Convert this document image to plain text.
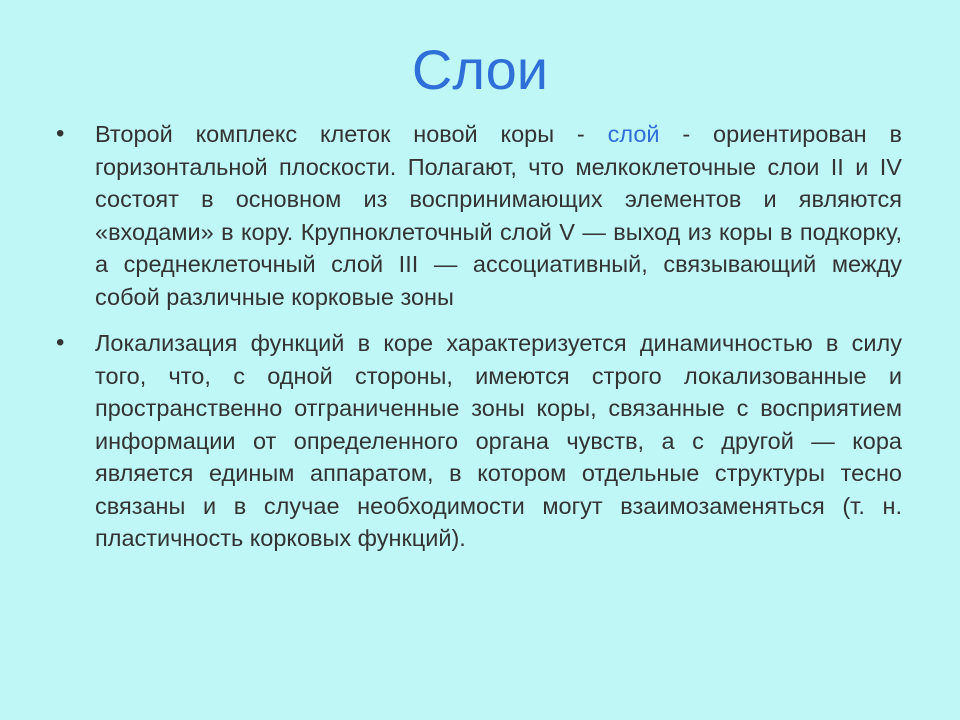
Слои
• Второй комплекс клеток новой коры - слой - ориентирован в горизонтальной плоскости. Полагают, что мелкоклеточные слои II и IV состоят в основном из воспринимающих элементов и являются «входами» в кору. Крупноклеточный слой V — выход из коры в подкорку, а среднеклеточный слой III — ассоциативный, связывающий между собой различные корковые зоны
• Локализация функций в коре характеризуется динамичностью в силу того, что, с одной стороны, имеются строго локализованные и пространственно отграниченные зоны коры, связанные с восприятием информации от определенного органа чувств, а с другой — кора является единым аппаратом, в котором отдельные структуры тесно связаны и в случае необходимости могут взаимозаменяться (т. н. пластичность корковых функций).
